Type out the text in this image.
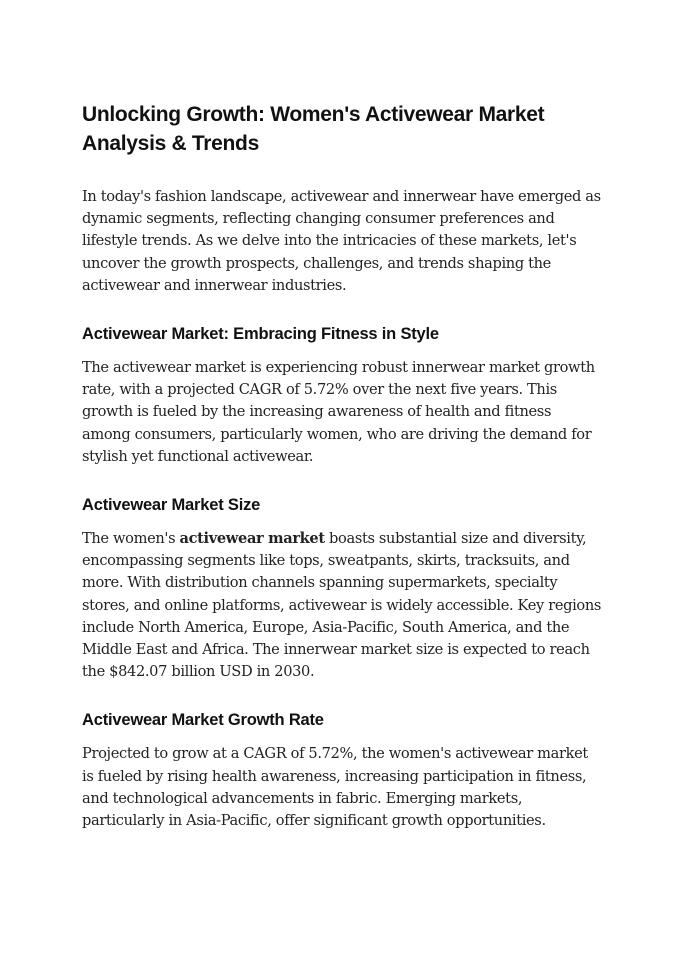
Unlocking Growth: Women's Activewear Market Analysis & Trends

In today's fashion landscape, activewear and innerwear have emerged as dynamic segments, reflecting changing consumer preferences and lifestyle trends. As we delve into the intricacies of these markets, let's uncover the growth prospects, challenges, and trends shaping the activewear and innerwear industries.

Activewear Market: Embracing Fitness in Style

The activewear market is experiencing robust innerwear market growth rate, with a projected CAGR of 5.72% over the next five years. This growth is fueled by the increasing awareness of health and fitness among consumers, particularly women, who are driving the demand for stylish yet functional activewear.

Activewear Market Size

The women's activewear market boasts substantial size and diversity, encompassing segments like tops, sweatpants, skirts, tracksuits, and more. With distribution channels spanning supermarkets, specialty stores, and online platforms, activewear is widely accessible. Key regions include North America, Europe, Asia-Pacific, South America, and the Middle East and Africa. The innerwear market size is expected to reach the $842.07 billion USD in 2030.

Activewear Market Growth Rate

Projected to grow at a CAGR of 5.72%, the women's activewear market is fueled by rising health awareness, increasing participation in fitness, and technological advancements in fabric. Emerging markets, particularly in Asia-Pacific, offer significant growth opportunities.
